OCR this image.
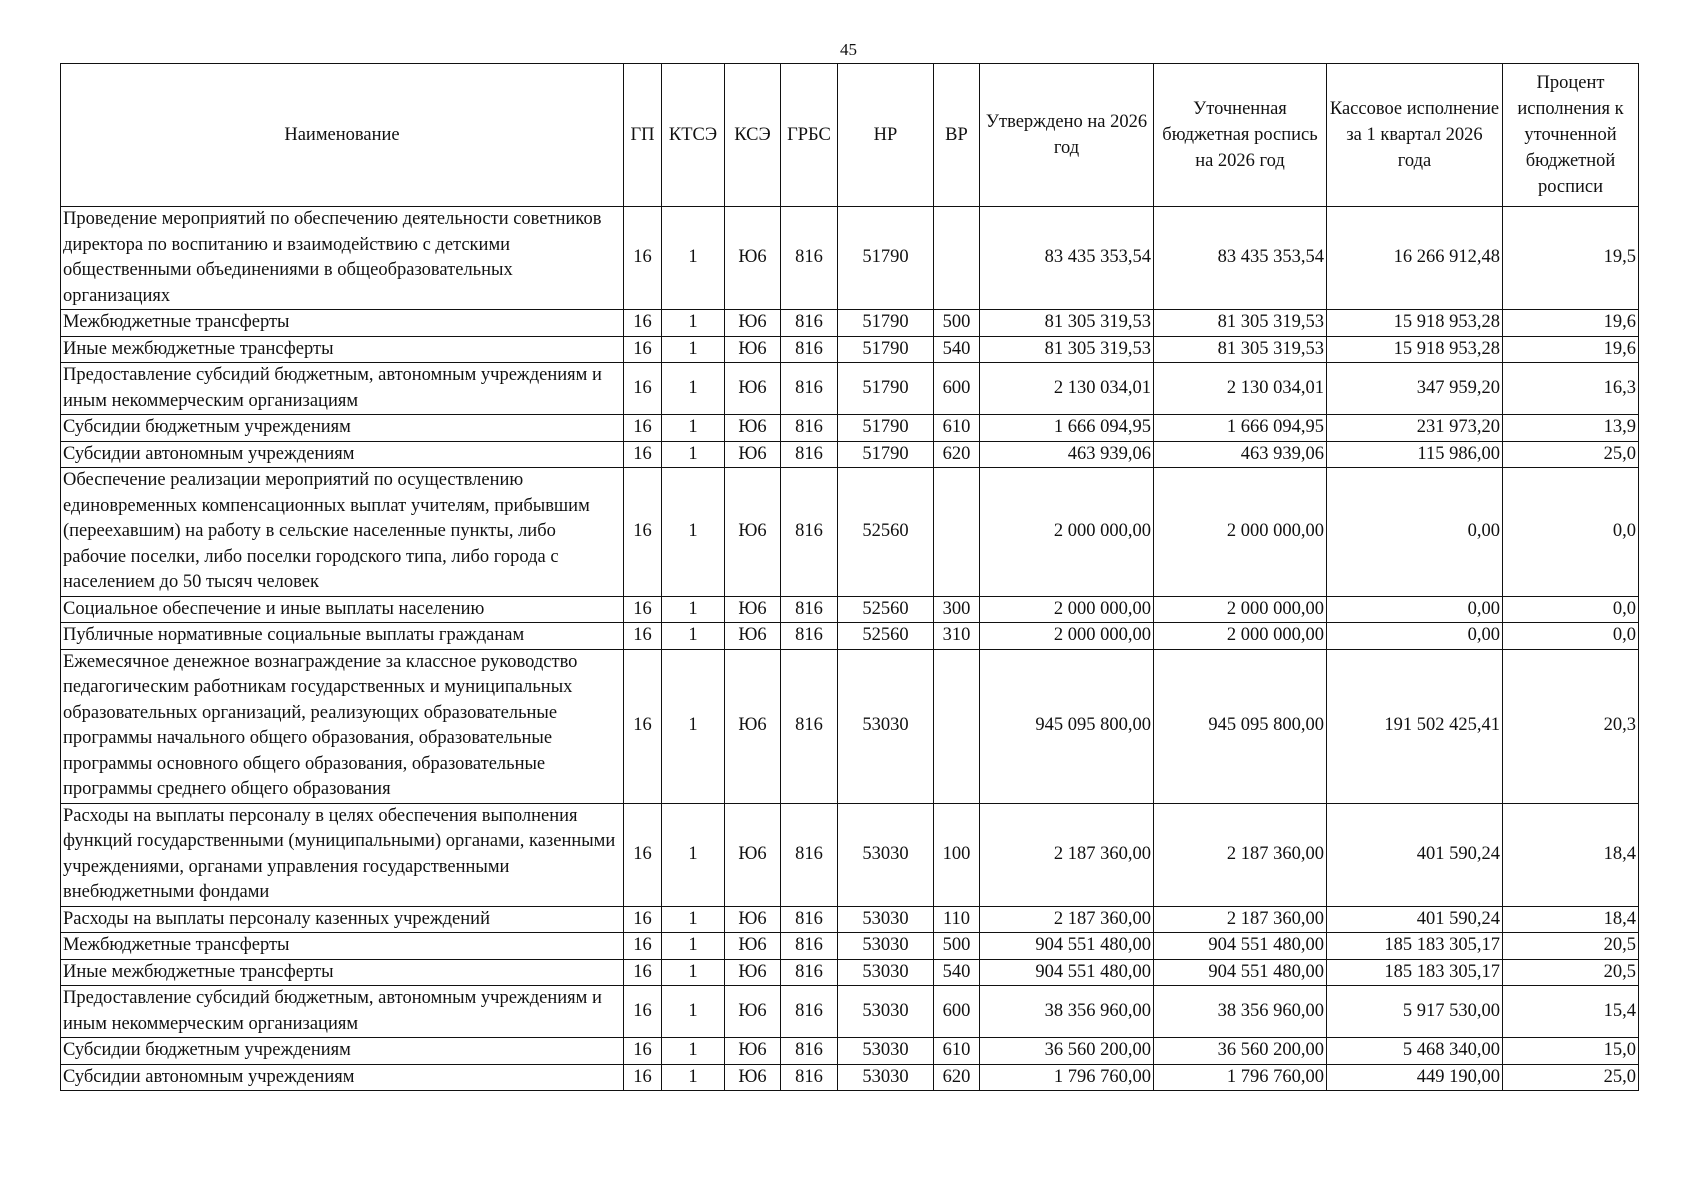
45
Наименование	ГП	КТСЭ	КСЭ	ГРБС	НР	ВР	Утверждено на 2026 год	Уточненная бюджетная роспись на 2026 год	Кассовое исполнение за 1 квартал 2026 года	Процент исполнения к уточненной бюджетной росписи
Проведение мероприятий по обеспечению деятельности советников директора по воспитанию и взаимодействию с детскими общественными объединениями в общеобразовательных организациях	16	1	Ю6	816	51790		83 435 353,54	83 435 353,54	16 266 912,48	19,5
Межбюджетные трансферты	16	1	Ю6	816	51790	500	81 305 319,53	81 305 319,53	15 918 953,28	19,6
Иные межбюджетные трансферты	16	1	Ю6	816	51790	540	81 305 319,53	81 305 319,53	15 918 953,28	19,6
Предоставление субсидий бюджетным, автономным учреждениям и иным некоммерческим организациям	16	1	Ю6	816	51790	600	2 130 034,01	2 130 034,01	347 959,20	16,3
Субсидии бюджетным учреждениям	16	1	Ю6	816	51790	610	1 666 094,95	1 666 094,95	231 973,20	13,9
Субсидии автономным учреждениям	16	1	Ю6	816	51790	620	463 939,06	463 939,06	115 986,00	25,0
Обеспечение реализации мероприятий по осуществлению единовременных компенсационных выплат учителям, прибывшим (переехавшим) на работу в сельские населенные пункты, либо рабочие поселки, либо поселки городского типа, либо города с населением до 50 тысяч человек	16	1	Ю6	816	52560		2 000 000,00	2 000 000,00	0,00	0,0
Социальное обеспечение и иные выплаты населению	16	1	Ю6	816	52560	300	2 000 000,00	2 000 000,00	0,00	0,0
Публичные нормативные социальные выплаты гражданам	16	1	Ю6	816	52560	310	2 000 000,00	2 000 000,00	0,00	0,0
Ежемесячное денежное вознаграждение за классное руководство педагогическим работникам государственных и муниципальных образовательных организаций, реализующих образовательные программы начального общего образования, образовательные программы основного общего образования, образовательные программы среднего общего образования	16	1	Ю6	816	53030		945 095 800,00	945 095 800,00	191 502 425,41	20,3
Расходы на выплаты персоналу в целях обеспечения выполнения функций государственными (муниципальными) органами, казенными учреждениями, органами управления государственными внебюджетными фондами	16	1	Ю6	816	53030	100	2 187 360,00	2 187 360,00	401 590,24	18,4
Расходы на выплаты персоналу казенных учреждений	16	1	Ю6	816	53030	110	2 187 360,00	2 187 360,00	401 590,24	18,4
Межбюджетные трансферты	16	1	Ю6	816	53030	500	904 551 480,00	904 551 480,00	185 183 305,17	20,5
Иные межбюджетные трансферты	16	1	Ю6	816	53030	540	904 551 480,00	904 551 480,00	185 183 305,17	20,5
Предоставление субсидий бюджетным, автономным учреждениям и иным некоммерческим организациям	16	1	Ю6	816	53030	600	38 356 960,00	38 356 960,00	5 917 530,00	15,4
Субсидии бюджетным учреждениям	16	1	Ю6	816	53030	610	36 560 200,00	36 560 200,00	5 468 340,00	15,0
Субсидии автономным учреждениям	16	1	Ю6	816	53030	620	1 796 760,00	1 796 760,00	449 190,00	25,0
